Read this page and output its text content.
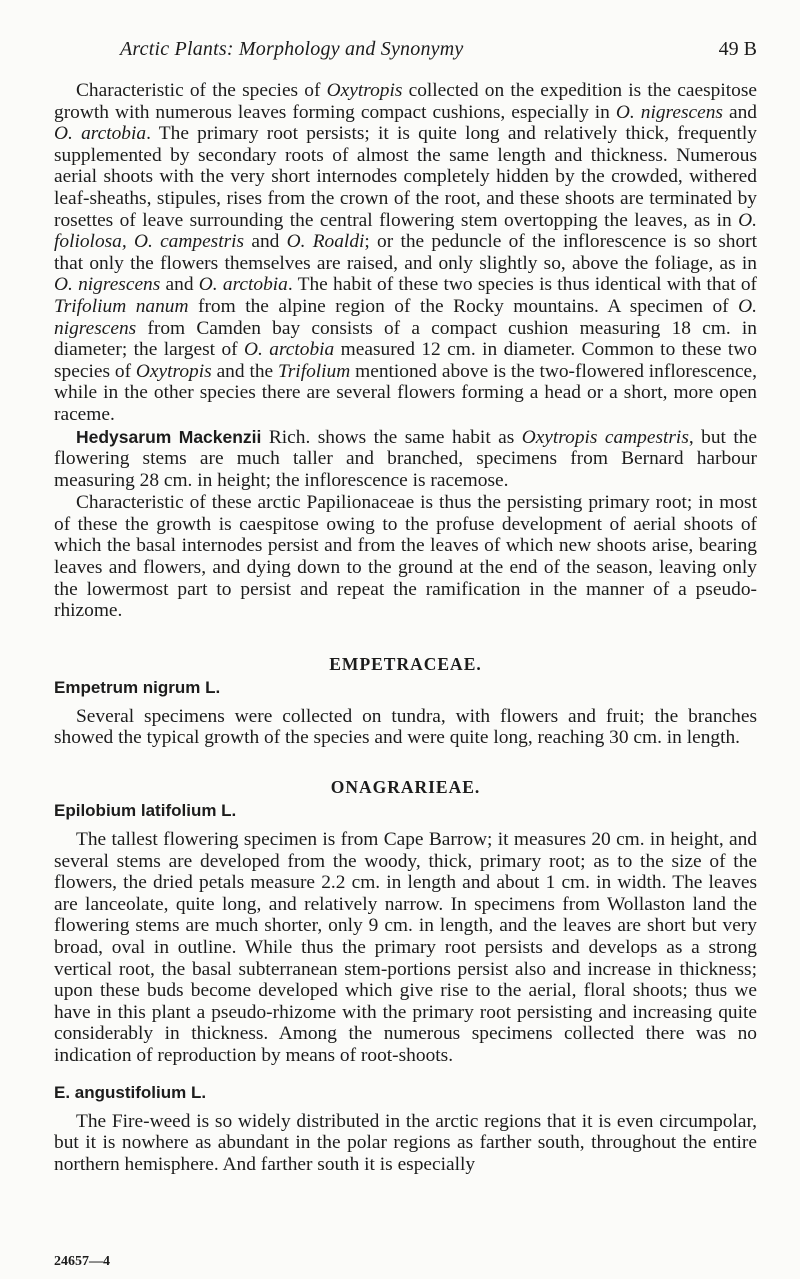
Arctic Plants: Morphology and Synonymy	49 B

Characteristic of the species of Oxytropis collected on the expedition is the caespitose growth with numerous leaves forming compact cushions, especially in O. nigrescens and O. arctobia. The primary root persists; it is quite long and relatively thick, frequently supplemented by secondary roots of almost the same length and thickness. Numerous aerial shoots with the very short internodes completely hidden by the crowded, withered leaf-sheaths, stipules, rises from the crown of the root, and these shoots are terminated by rosettes of leave surrounding the central flowering stem overtopping the leaves, as in O. foliolosa, O. campestris and O. Roaldi; or the peduncle of the inflorescence is so short that only the flowers themselves are raised, and only slightly so, above the foliage, as in O. nigrescens and O. arctobia. The habit of these two species is thus identical with that of Trifolium nanum from the alpine region of the Rocky mountains. A specimen of O. nigrescens from Camden bay consists of a compact cushion measuring 18 cm. in diameter; the largest of O. arctobia measured 12 cm. in diameter. Common to these two species of Oxytropis and the Trifolium mentioned above is the two-flowered inflorescence, while in the other species there are several flowers forming a head or a short, more open raceme.

Hedysarum Mackenzii Rich. shows the same habit as Oxytropis campestris, but the flowering stems are much taller and branched, specimens from Bernard harbour measuring 28 cm. in height; the inflorescence is racemose.

Characteristic of these arctic Papilionaceae is thus the persisting primary root; in most of these the growth is caespitose owing to the profuse development of aerial shoots of which the basal internodes persist and from the leaves of which new shoots arise, bearing leaves and flowers, and dying down to the ground at the end of the season, leaving only the lowermost part to persist and repeat the ramification in the manner of a pseudo-rhizome.

EMPETRACEAE.
Empetrum nigrum L.

Several specimens were collected on tundra, with flowers and fruit; the branches showed the typical growth of the species and were quite long, reaching 30 cm. in length.

ONAGRARIEAE.
Epilobium latifolium L.

The tallest flowering specimen is from Cape Barrow; it measures 20 cm. in height, and several stems are developed from the woody, thick, primary root; as to the size of the flowers, the dried petals measure 2.2 cm. in length and about 1 cm. in width. The leaves are lanceolate, quite long, and relatively narrow. In specimens from Wollaston land the flowering stems are much shorter, only 9 cm. in length, and the leaves are short but very broad, oval in outline. While thus the primary root persists and develops as a strong vertical root, the basal subterranean stem-portions persist also and increase in thickness; upon these buds become developed which give rise to the aerial, floral shoots; thus we have in this plant a pseudo-rhizome with the primary root persisting and increasing quite considerably in thickness. Among the numerous specimens collected there was no indication of reproduction by means of root-shoots.

E. angustifolium L.

The Fire-weed is so widely distributed in the arctic regions that it is even circumpolar, but it is nowhere as abundant in the polar regions as farther south, throughout the entire northern hemisphere. And farther south it is especially

24657—4
